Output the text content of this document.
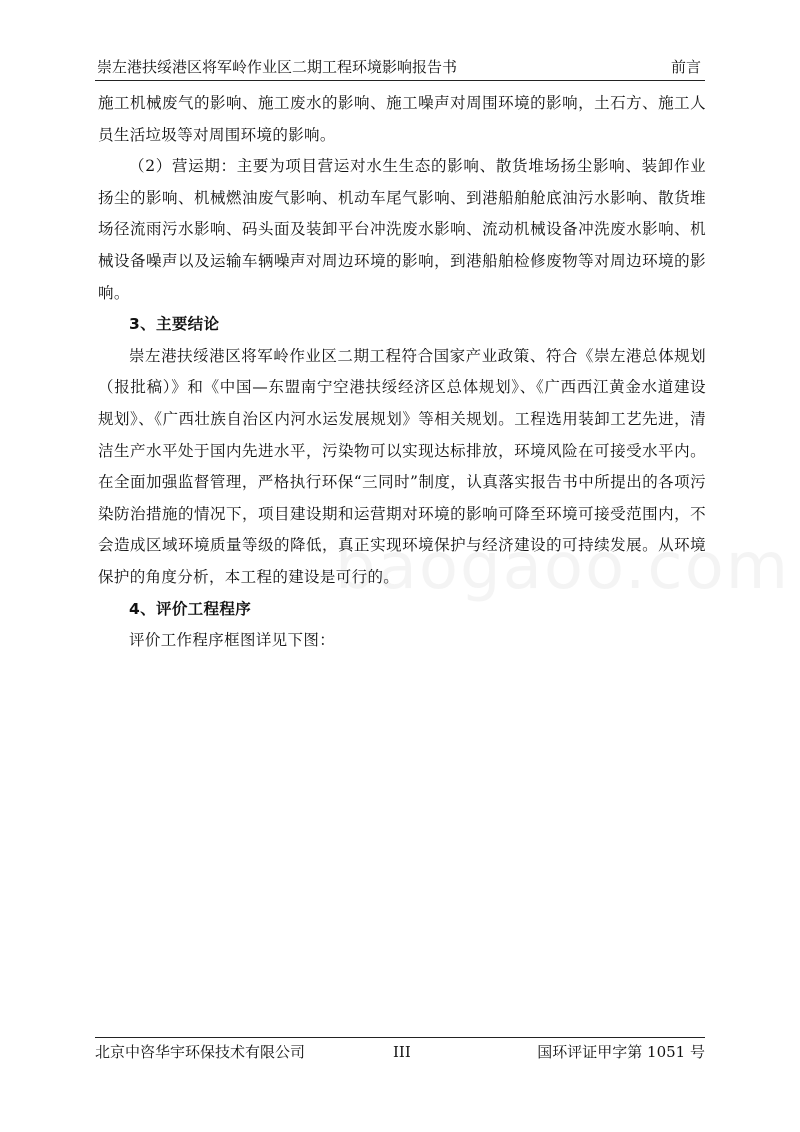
崇左港扶绥港区将军岭作业区二期工程环境影响报告书	前言

施工机械废气的影响、施工废水的影响、施工噪声对周围环境的影响，土石方、施工人员生活垃圾等对周围环境的影响。

（2）营运期：主要为项目营运对水生生态的影响、散货堆场扬尘影响、装卸作业扬尘的影响、机械燃油废气影响、机动车尾气影响、到港船舶舱底油污水影响、散货堆场径流雨污水影响、码头面及装卸平台冲洗废水影响、流动机械设备冲洗废水影响、机械设备噪声以及运输车辆噪声对周边环境的影响，到港船舶检修废物等对周边环境的影响。

3、主要结论

崇左港扶绥港区将军岭作业区二期工程符合国家产业政策、符合《崇左港总体规划（报批稿）》和《中国—东盟南宁空港扶绥经济区总体规划》、《广西西江黄金水道建设规划》、《广西壮族自治区内河水运发展规划》等相关规划。工程选用装卸工艺先进，清洁生产水平处于国内先进水平，污染物可以实现达标排放，环境风险在可接受水平内。在全面加强监督管理，严格执行环保“三同时”制度，认真落实报告书中所提出的各项污染防治措施的情况下，项目建设期和运营期对环境的影响可降至环境可接受范围内，不会造成区域环境质量等级的降低，真正实现环境保护与经济建设的可持续发展。从环境保护的角度分析，本工程的建设是可行的。

4、评价工程程序

评价工作程序框图详见下图：

北京中咨华宇环保技术有限公司	III	国环评证甲字第 1051 号
